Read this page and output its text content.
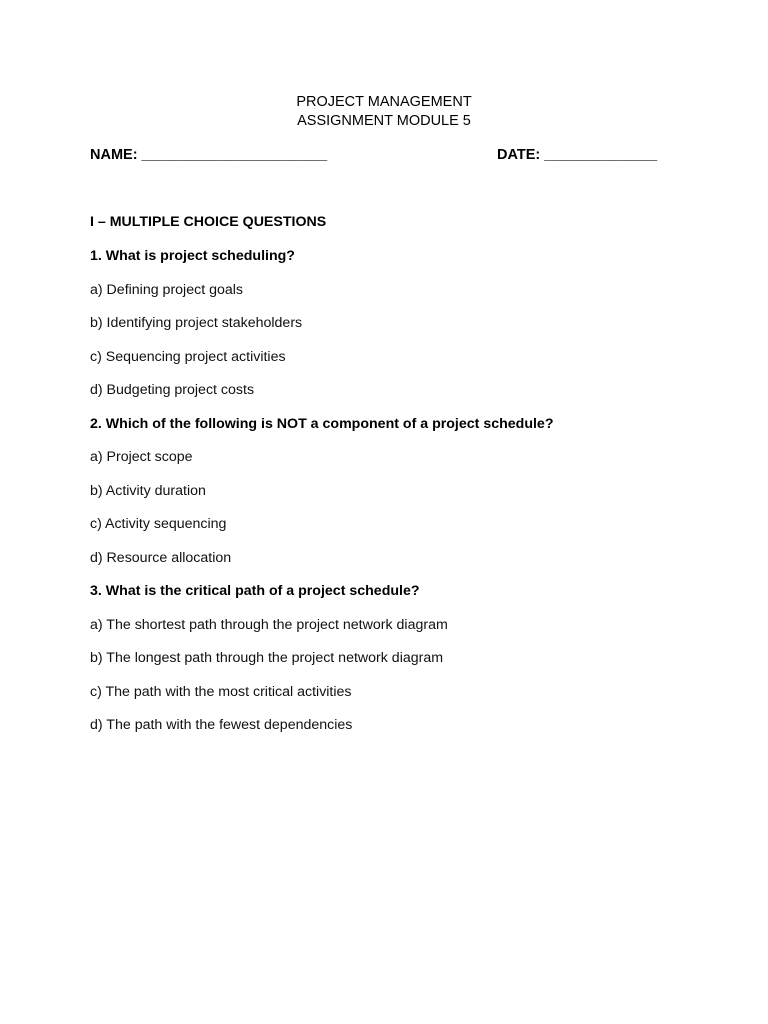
PROJECT MANAGEMENT
ASSIGNMENT MODULE 5
NAME: _______________________	DATE: ______________
I – MULTIPLE CHOICE QUESTIONS
1. What is project scheduling?
a) Defining project goals
b) Identifying project stakeholders
c) Sequencing project activities
d) Budgeting project costs
2. Which of the following is NOT a component of a project schedule?
a) Project scope
b) Activity duration
c) Activity sequencing
d) Resource allocation
3. What is the critical path of a project schedule?
a) The shortest path through the project network diagram
b) The longest path through the project network diagram
c) The path with the most critical activities
d) The path with the fewest dependencies
